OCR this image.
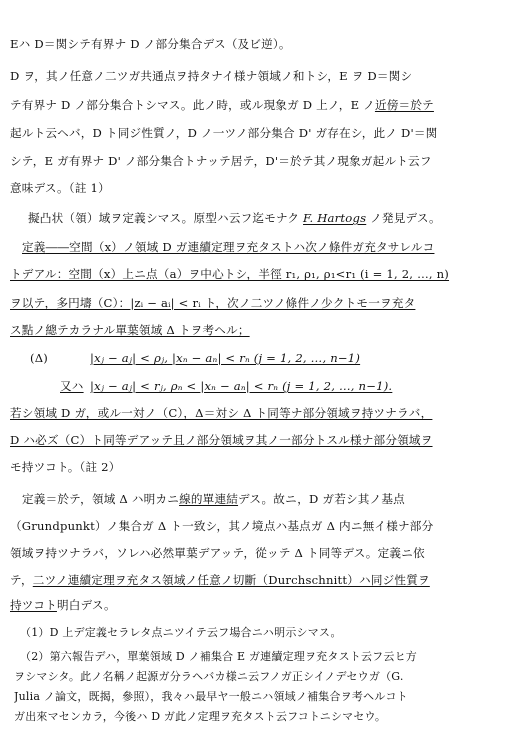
Eハ D＝関シテ有界ナ D ノ部分集合デス（及ビ逆）。
D ヲ，其ノ任意ノ二ツガ共通点ヲ持タナイ様ナ領域ノ和トシ，E ヲ D＝関シ
テ有界ナ D ノ部分集合トシマス。此ノ時，或ル現象ガ D 上ノ，E ノ近傍＝於テ
起ルト云ヘバ，D ト同ジ性質ノ，D ノ一ツノ部分集合 D' ガ存在シ，此ノ D'＝関
シテ，E ガ有界ナ D' ノ部分集合トナッテ居テ，D'＝於テ其ノ現象ガ起ルト云フ
意味デス。（註 1）
擬凸状（領）域ヲ定義シマス。原型ハ云フ迄モナク F. Hartogs ノ発見デス。
定義――空間（x）ノ領域 D ガ連續定理ヲ充タストハ次ノ條件ガ充タサレルコ
トデアル：空間（x）上ニ点（a）ヲ中心トシ，半徑 r₁, ρ₁, ρ₁<r₁ (i = 1, 2, …, n)
ヲ以テ，多円壔（C）：|zᵢ − aᵢ| < rᵢ ト，次ノ二ツノ條件ノ少クトモ一ヲ充タ
ス點ノ總テカラナル單葉領域 Δ トヲ考ヘル；
(Δ)	|xⱼ − aⱼ| < ρⱼ, |xₙ − aₙ| < rₙ (j = 1, 2, …, n−1)
又ハ |xⱼ − aⱼ| < rⱼ, ρₙ < |xₙ − aₙ| < rₙ (j = 1, 2, …, n−1).
若シ領域 D ガ，或ル一対ノ（C），Δ＝対シ Δ ト同等ナ部分領域ヲ持ツナラバ，
D ハ必ズ（C）ト同等デアッテ且ノ部分領域ヲ其ノ一部分トスル様ナ部分領域ヲ
モ持ツコト。（註 2）
定義＝於テ，領域 Δ ハ明カニ線的單連結デス。故ニ，D ガ若シ其ノ基点
（Grundpunkt）ノ集合ガ Δ ト一致シ，其ノ境点ハ基点ガ Δ 内ニ無イ様ナ部分
領域ヲ持ツナラバ，ソレハ必然單葉デアッテ，從ッテ Δ ト同等デス。定義ニ依
テ，二ツノ連續定理ヲ充タス領域ノ任意ノ切斷（Durchschnitt）ハ同ジ性質ヲ
持ツコト明白デス。
（1）D 上デ定義セラレタ点ニツイテ云フ場合ニハ明示シマス。
（2）第六報告デハ，單葉領域 D ノ補集合 E ガ連續定理ヲ充タスト云フ云ヒ方
ヲシマシタ。此ノ名稱ノ起源ガ分ラヘバカ様ニ云フノガ正シイノデセウガ（G.
Julia ノ論文，既揭，參照），我々ハ最早ヤ一般ニハ領域ノ補集合ヲ考ヘルコト
ガ出來マセンカラ，今後ハ D ガ此ノ定理ヲ充タスト云フコトニシマセウ。
